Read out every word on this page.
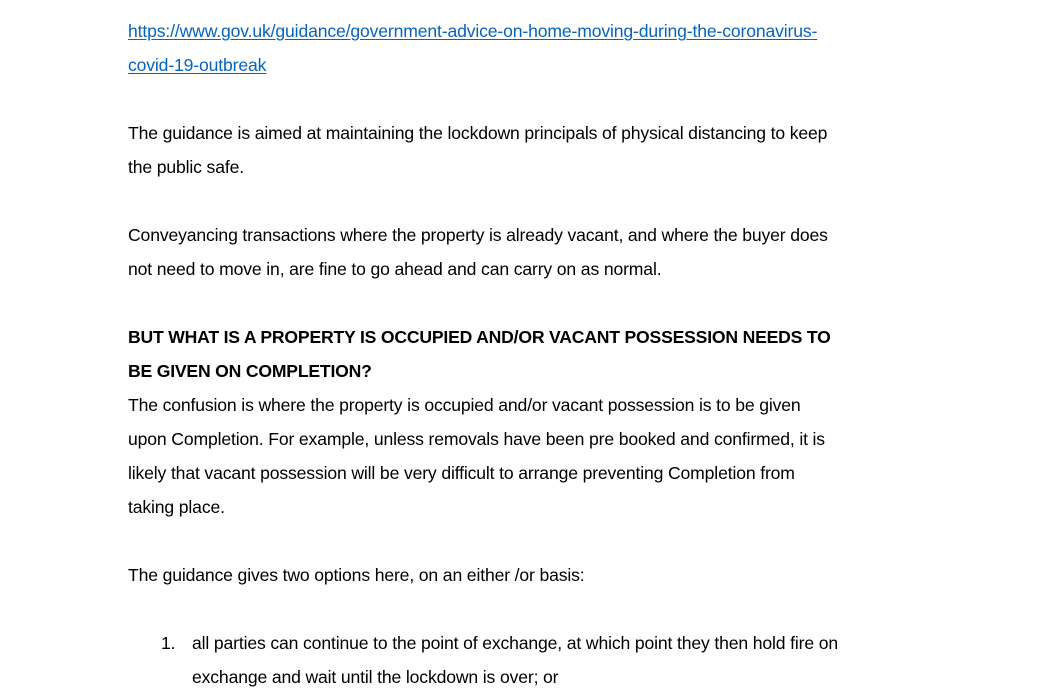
https://www.gov.uk/guidance/government-advice-on-home-moving-during-the-coronavirus-
covid-19-outbreak
The guidance is aimed at maintaining the lockdown principals of physical distancing to keep
the public safe.
Conveyancing transactions where the property is already vacant, and where the buyer does
not need to move in, are fine to go ahead and can carry on as normal.
BUT WHAT IS A PROPERTY IS OCCUPIED AND/OR VACANT POSSESSION NEEDS TO
BE GIVEN ON COMPLETION?
The confusion is where the property is occupied and/or vacant possession is to be given
upon Completion. For example, unless removals have been pre booked and confirmed, it is
likely that vacant possession will be very difficult to arrange preventing Completion from
taking place.
The guidance gives two options here, on an either /or basis:
1. all parties can continue to the point of exchange, at which point they then hold fire on
exchange and wait until the lockdown is over; or
